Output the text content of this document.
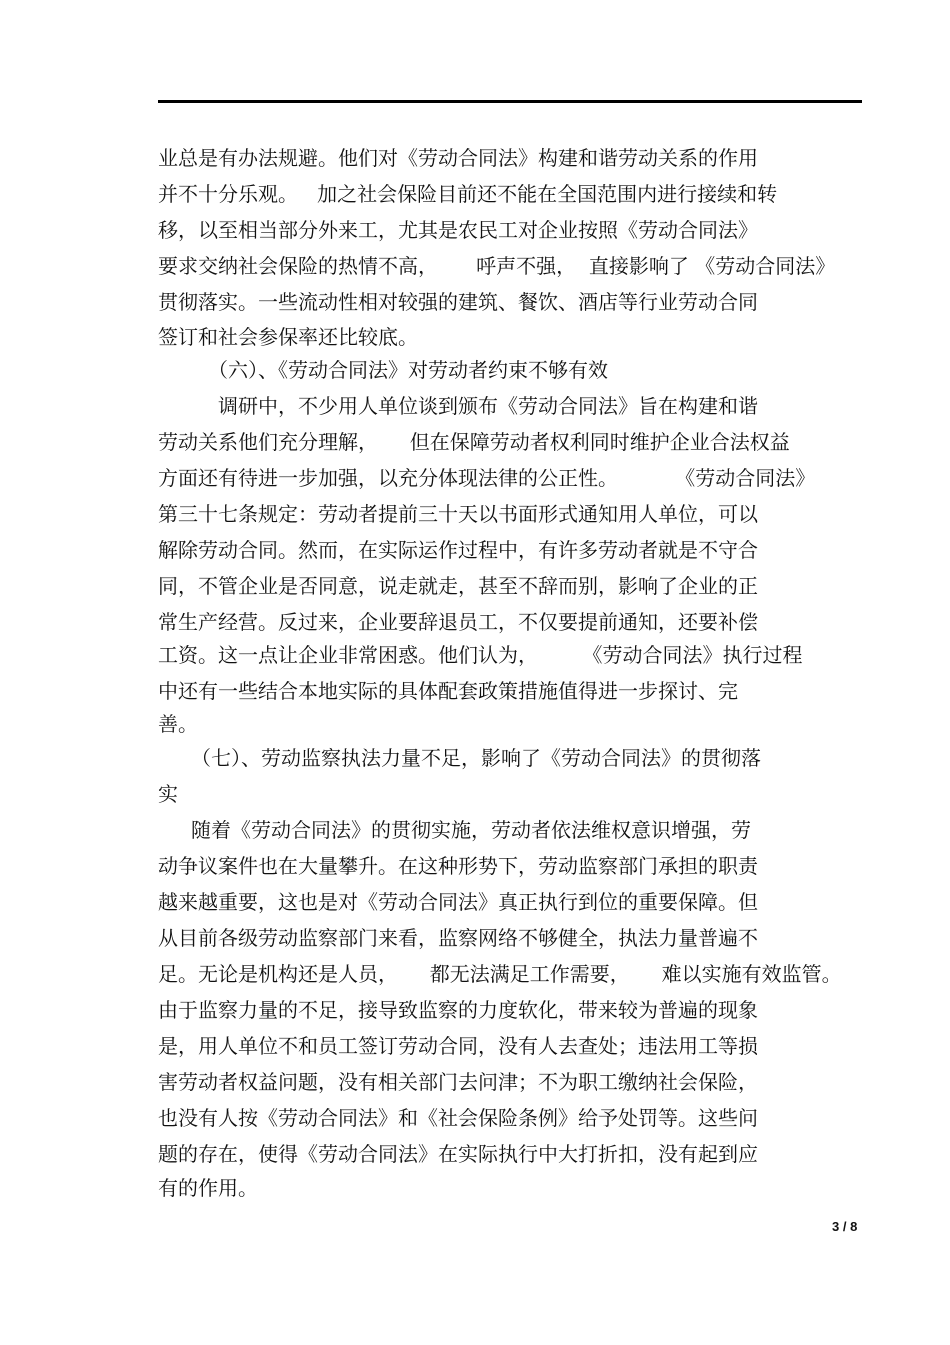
业总是有办法规避。他们对《劳动合同法》构建和谐劳动关系的作用
并不十分乐观。   加之社会保险目前还不能在全国范围内进行接续和转
移，以至相当部分外来工，尤其是农民工对企业按照《劳动合同法》
要求交纳社会保险的热情不高，      呼声不强，  直接影响了 《劳动合同法》
贯彻落实。一些流动性相对较强的建筑、餐饮、酒店等行业劳动合同
签订和社会参保率还比较底。
（六）、《劳动合同法》对劳动者约束不够有效
调研中，不少用人单位谈到颁布《劳动合同法》旨在构建和谐
劳动关系他们充分理解，     但在保障劳动者权利同时维护企业合法权益
方面还有待进一步加强，以充分体现法律的公正性。         《劳动合同法》
第三十七条规定：劳动者提前三十天以书面形式通知用人单位，可以
解除劳动合同。然而，在实际运作过程中，有许多劳动者就是不守合
同，不管企业是否同意，说走就走，甚至不辞而别，影响了企业的正
常生产经营。反过来，企业要辞退员工，不仅要提前通知，还要补偿
工资。这一点让企业非常困惑。他们认为，       《劳动合同法》执行过程
中还有一些结合本地实际的具体配套政策措施值得进一步探讨、完
善。
（七）、劳动监察执法力量不足，影响了《劳动合同法》的贯彻落
实
随着《劳动合同法》的贯彻实施，劳动者依法维权意识增强，劳
动争议案件也在大量攀升。在这种形势下，劳动监察部门承担的职责
越来越重要，这也是对《劳动合同法》真正执行到位的重要保障。但
从目前各级劳动监察部门来看，监察网络不够健全，执法力量普遍不
足。无论是机构还是人员，     都无法满足工作需要，     难以实施有效监管。
由于监察力量的不足，接导致监察的力度软化，带来较为普遍的现象
是，用人单位不和员工签订劳动合同，没有人去查处；违法用工等损
害劳动者权益问题，没有相关部门去问津；不为职工缴纳社会保险，
也没有人按《劳动合同法》和《社会保险条例》给予处罚等。这些问
题的存在，使得《劳动合同法》在实际执行中大打折扣，没有起到应
有的作用。
3 / 8
